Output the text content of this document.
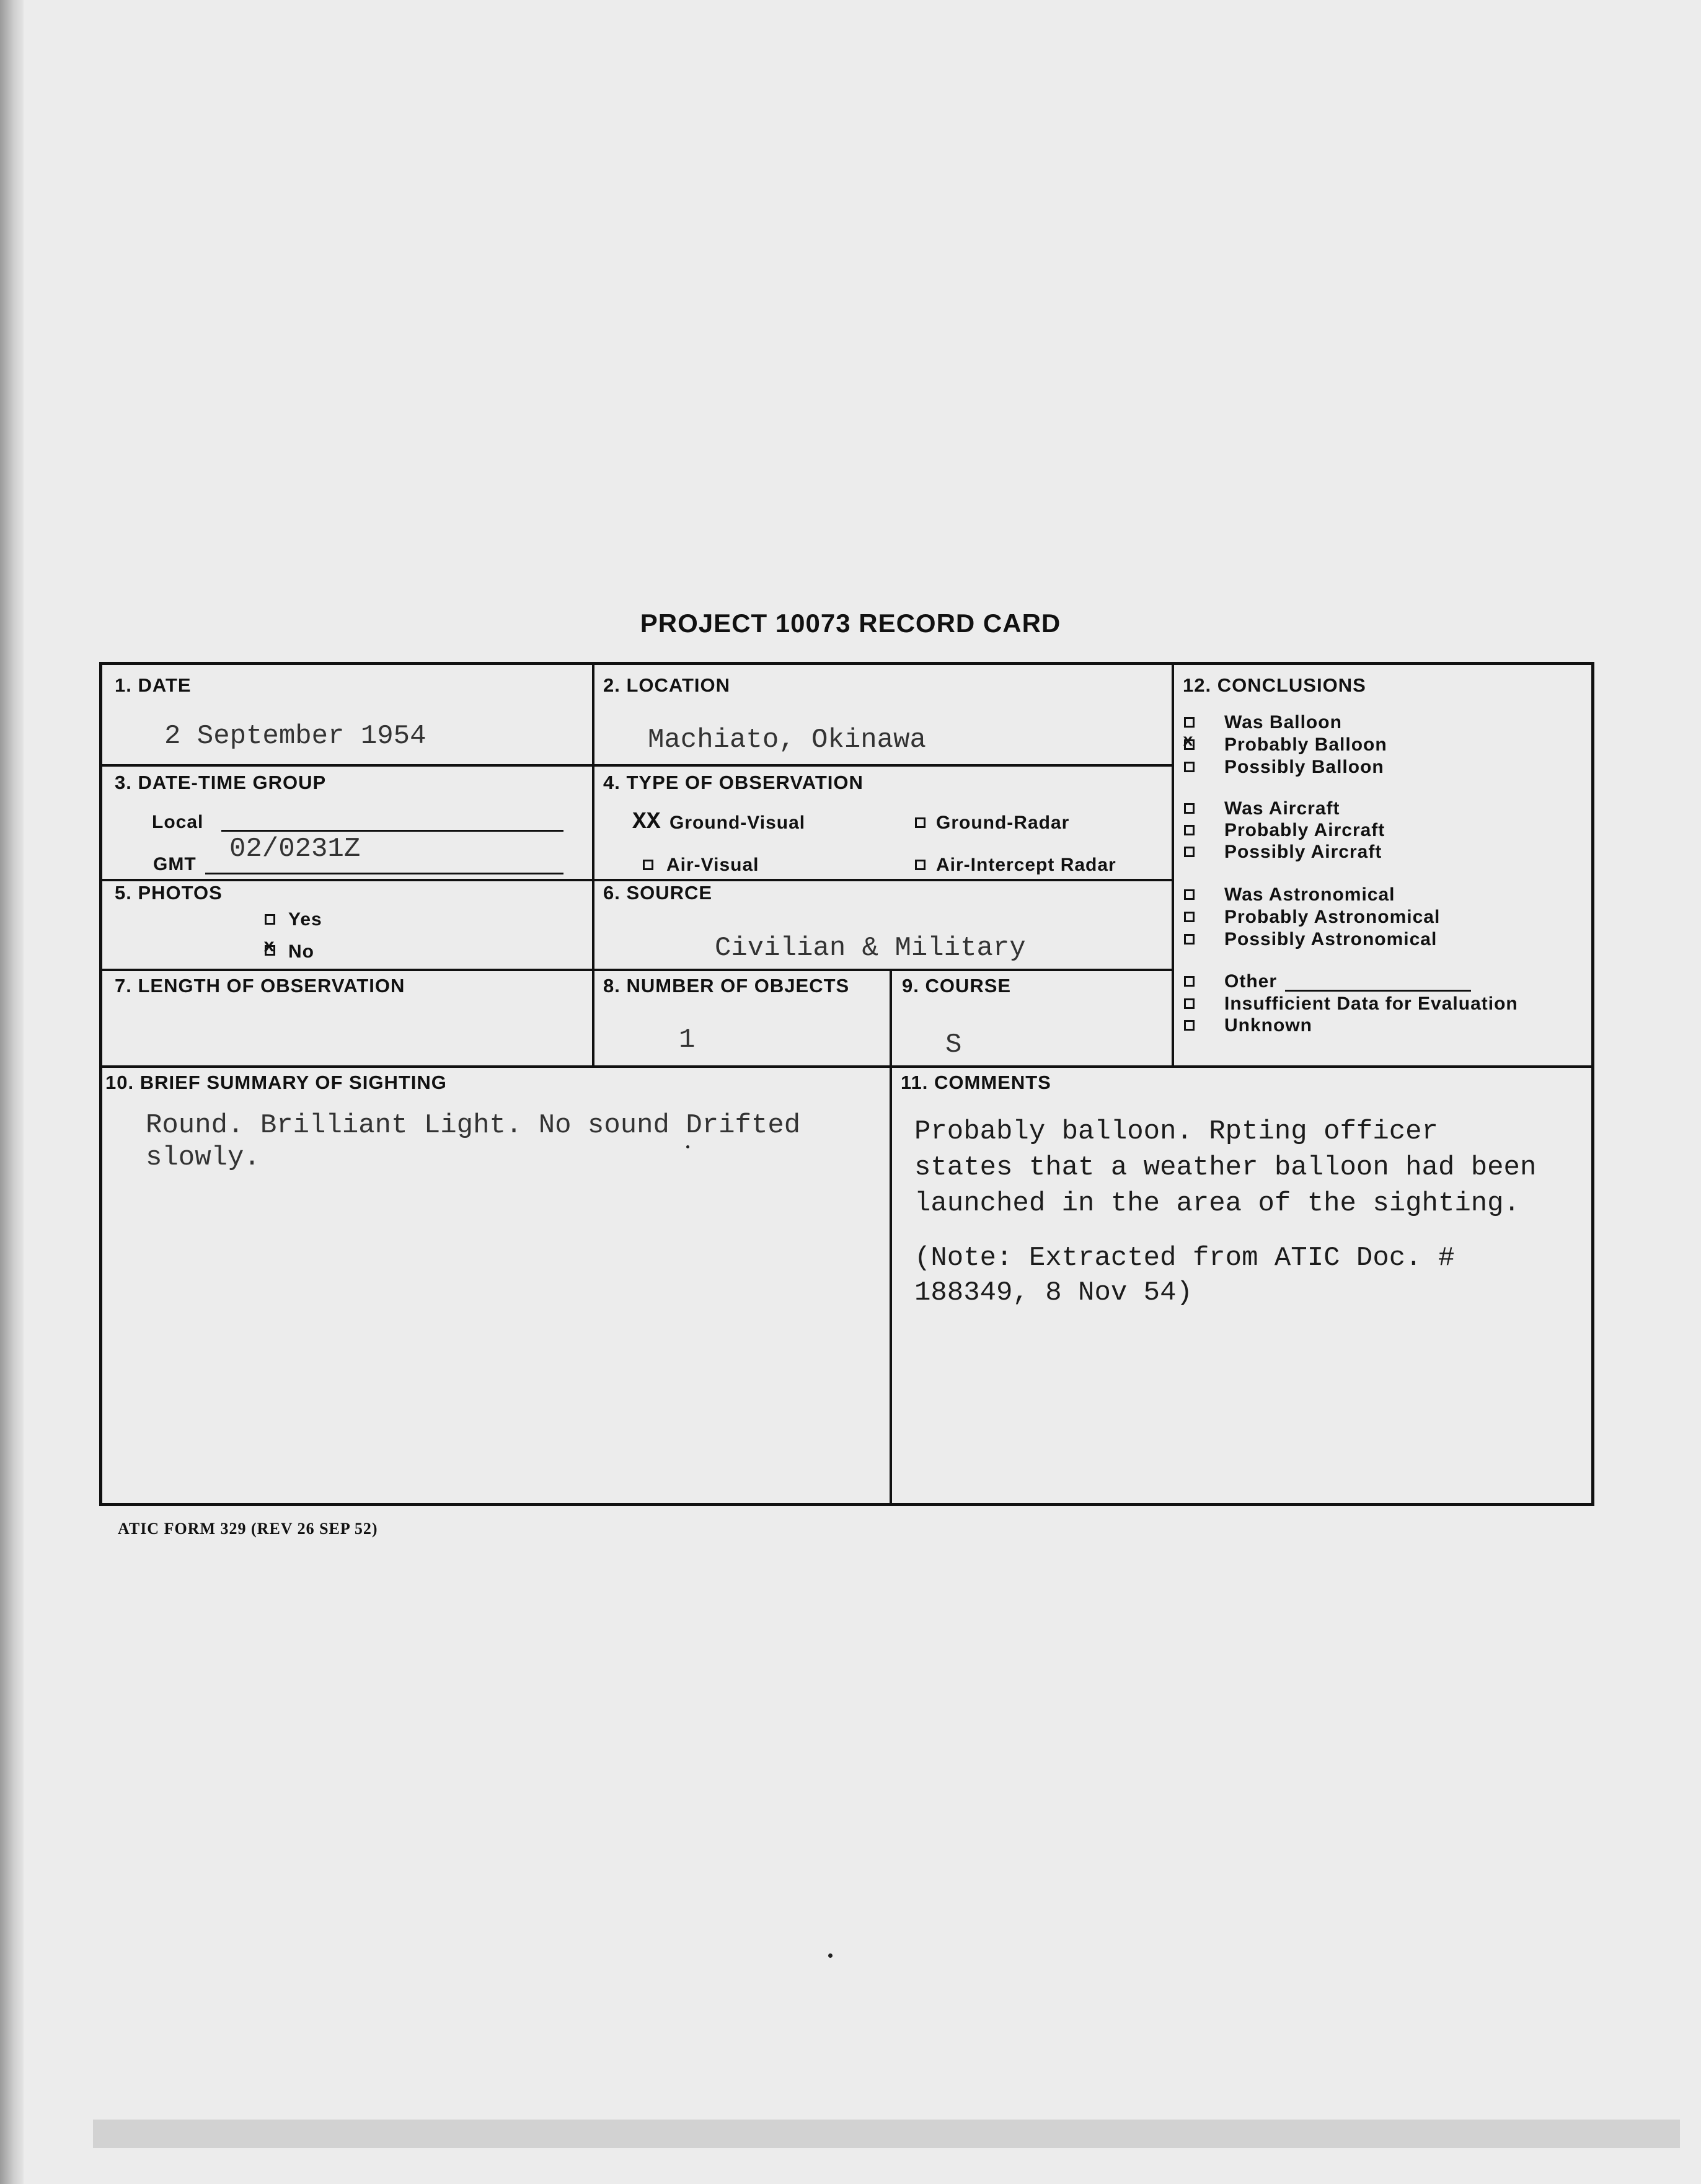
PROJECT 10073 RECORD CARD
1. DATE
2 September 1954
2. LOCATION
Machiato, Okinawa
3. DATE-TIME GROUP
Local
GMT 02/0231Z
4. TYPE OF OBSERVATION
XX Ground-Visual	Ground-Radar
Air-Visual	Air-Intercept Radar
5. PHOTOS
Yes
x No
6. SOURCE
Civilian & Military
7. LENGTH OF OBSERVATION	8. NUMBER OF OBJECTS
1
9. COURSE
S
10. BRIEF SUMMARY OF SIGHTING
Round. Brilliant Light. No sound Drifted
slowly.
11. COMMENTS
Probably balloon. Rpting officer
states that a weather balloon had been
launched in the area of the sighting.
(Note: Extracted from ATIC Doc. #
188349, 8 Nov 54)
12. CONCLUSIONS
Was Balloon
x Probably Balloon
Possibly Balloon
Was Aircraft
Probably Aircraft
Possibly Aircraft
Was Astronomical
Probably Astronomical
Possibly Astronomical
Other
Insufficient Data for Evaluation
Unknown
ATIC FORM 329 (REV 26 SEP 52)
